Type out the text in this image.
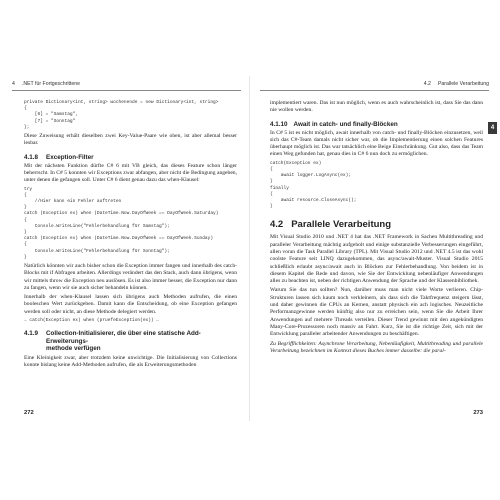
4 .NET für Fortgeschrittene
private Dictionary<int, string> wochenende = new Dictionary<int, string>
{
[6] = "Samstag",
[7] = "Sonntag"
};

Diese Zuweisung erhält dieselben zwei Key-Value-Paare wie oben, ist aber allemal besser lesbar.

4.1.8	Exception-Filter

Mit der nächsten Funktion dürfte C# 6 mit VB gleich, das dieses Feature schon länger beherrscht. In C# 5 konnten wir Exceptions zwar abfangen, aber nicht die Bedingung angeben, unter denen die gefangen soll. Unter C# 6 dient genau dazu das when-Klausel:

try
{
//Hier kann ein Fehler auftreten
}
catch (Exception ex) when (DateTime.Now.DayOfWeek == DayOfWeek.Saturday)
{
Console.WriteLine("Fehlerbehandlung für Samstag");
}
catch (Exception ex) when (DateTime.Now.DayOfWeek == DayOfWeek.Sunday)
{
Console.WriteLine("Fehlerbehandlung für Sonntag");
}

Natürlich könnten wir auch bisher schon die Exception immer fangen und innerhalb des catch-Blocks mit if Abfragen arbeiten. Allerdings verändert das den Stack, auch dann übrigens, wenn wir mittels throw die Exception neu auslösen. Es ist also immer besser, die Exception nur dann zu fangen, wenn wir sie auch sicher behandeln können.

Innerhalb der when-Klausel lassen sich übrigens auch Methoden aufrufen, die einen booleschen Wert zurückgeben. Damit kann die Entscheidung, ob eine Exception gefangen werden soll oder nicht, an diese Methode delegiert werden.

… catch(Exception ex) when (pruefeException(ex)) …
4.1.9	Collection-Initialisierer, die über eine statische Add-Erweiterungs-
methode verfügen

Eine Kleinigkeit zwar, aber trotzdem keine unwichtige. Die Initialisierung von Collections konnte bislang keine Add-Methoden aufrufen, die als Erweiterungsmethoden

272
4.2 Parallele Verarbeitung
4

implementiert waren. Das ist nun möglich, wenn es auch wahrscheinlich ist, dass Sie das dann nie wollen werden.

4.1.10 Await in catch- und finally-Blöcken

In C# 5 ist es nicht möglich, await innerhalb von catch- und finally-Blöcken einzusetzen, weil sich das C#-Team damals nicht sicher war, ob die Implementierung einen solchen Features überhaupt möglich ist. Das war tatsächlich eine Beige Einschränkung. Gut also, dass das Team einen Weg gefunden hat, genau dies in C# 6 nun doch zu ermöglichen.

catch(Exception ex)
{
await logger.LogAsync(ex);
}
finally
{
await resource.CloseAsync();
}
4.2 Parallele Verarbeitung

Mit Visual Studio 2010 und .NET 4 hat das .NET Framework in Sachen Multithreading und paralleler Verarbeitung mächtig aufgeholt und einige substanzielle Verbesserungen eingeführt, allen voran die Task Parallel Library (TPL). Mit Visual Studio 2012 und .NET 4.5 ist das wohl coolste Feature seit LINQ dazugekommen, das async/await-Muster. Visual Studio 2015 schließlich erlaubt async/await auch in Blöcken zur Fehlerbehandlung. Von beidem ist in diesem Kapitel die Rede und davon, wie Sie der Entwicklung nebenläufiger Anwendungen alles zu beachten ist, neben der richtigen Anwendung der Sprache und der Klassenbibliothek.

Warum Sie das tun sollten? Nun, darüber muss man nicht viele Worte verlieren. Chip-Strukturen lassen sich kaum noch verkleinern, als dass sich die Taktfrequenz steigern lässt, und daher gewinnen die CPUs an Kernen, anstatt physisch ein ach logisches. Neuzeitliche Performanzgewinne werden künftig also nur zu erreichen sein, wenn Sie die Arbeit Ihrer Anwendungen auf mehrere Threads verteilen. Dieser Trend gewinnt mit den angekündigten Many-Core-Prozessoren noch massiv an Fahrt. Kurz, Sie ist die richtige Zeit, sich mit der Entwicklung paralleler arbeitender Anwendungen zu beschäftigen.

Zu Begrifflichkeiten: Asynchrone Verarbeitung, Nebenläufigkeit, Multithreading und parallele Verarbeitung bezeichnen im Kontext dieses Buches immer dasselbe: die paral-

273
